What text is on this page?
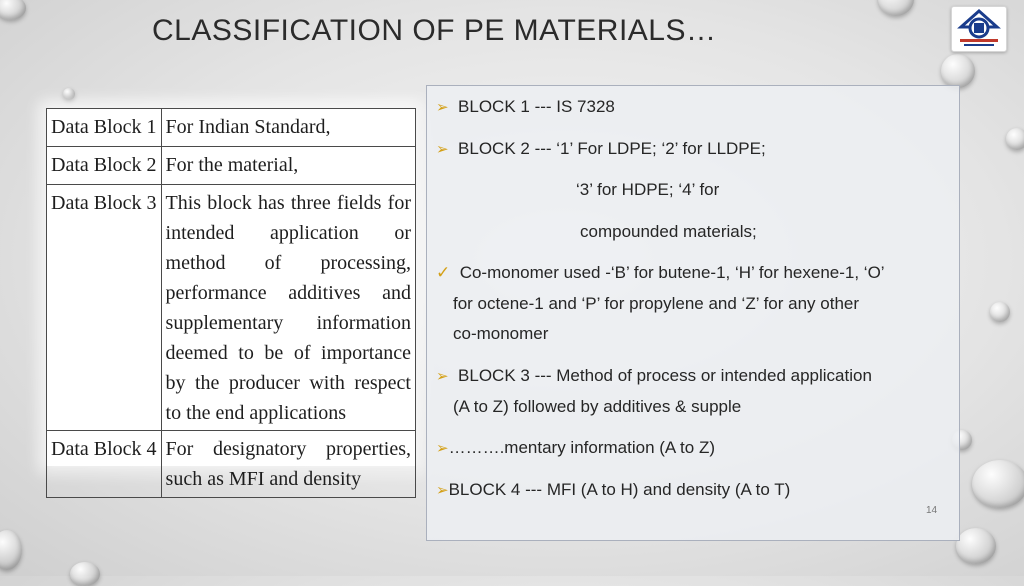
CLASSIFICATION OF PE MATERIALS…
Data Block 1	For Indian Standard,
Data Block 2	For the material,
Data Block 3	This block has three fields for intended application or method of processing, performance additives and supplementary information deemed to be of importance by the producer with respect to the end applications
Data Block 4	For designatory properties, such as MFI and density
➢ BLOCK 1 --- IS 7328
➢ BLOCK 2 --- ‘1’ For LDPE; ‘2’ for LLDPE;
‘3’ for HDPE; ‘4’ for
compounded materials;
✓ Co-monomer used -‘B’ for butene-1, ‘H’ for hexene-1, ‘O’
for octene-1 and ‘P’ for propylene and ‘Z’ for any other
co-monomer
➢ BLOCK 3 --- Method of process or intended application
(A to Z) followed by additives & supple
➢……….mentary information (A to Z)
➢BLOCK 4 --- MFI (A to H) and density (A to T)
14
